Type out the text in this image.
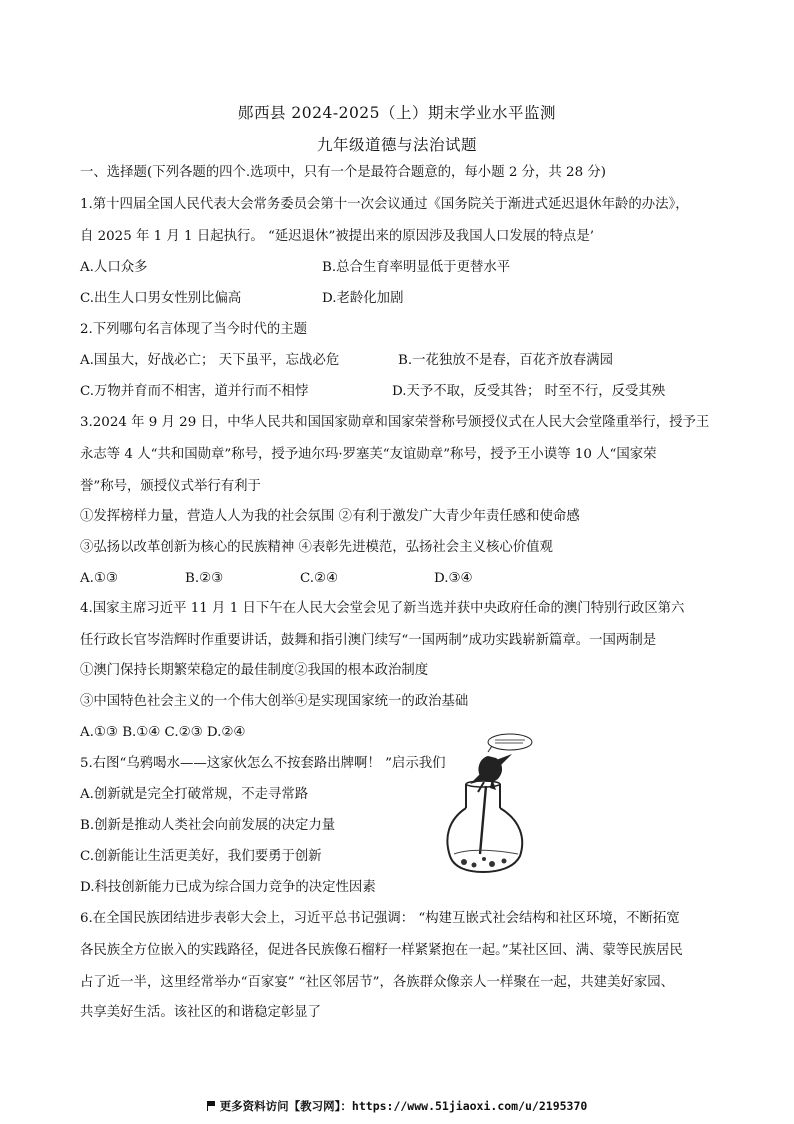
郧西县 2024-2025（上）期末学业水平监测
九年级道德与法治试题
一、选择题(下列各题的四个.选项中，只有一个是最符合题意的，每小题 2 分，共 28 分)
1.第十四届全国人民代表大会常务委员会第十一次会议通过《国务院关于渐进式延迟退休年龄的办法》，
自 2025 年 1 月 1 日起执行。 “延迟退休”被提出来的原因涉及我国人口发展的特点是’
A.人口众多	B.总合生育率明显低于更替水平
C.出生人口男女性别比偏高	D.老龄化加剧
2.下列哪句名言体现了当今时代的主题
A.国虽大，好战必亡； 天下虽平，忘战必危	B.一花独放不是春，百花齐放春满园
C.万物并育而不相害，道并行而不相悖	D.天予不取，反受其咎； 时至不行，反受其殃
3.2024 年 9 月 29 日，中华人民共和国国家勋章和国家荣誉称号颁授仪式在人民大会堂隆重举行，授予王
永志等 4 人“共和国勋章”称号，授予迪尔玛·罗塞芙“友谊勋章”称号，授予王小谟等 10 人“国家荣
誉”称号，颁授仪式举行有利于
①发挥榜样力量，营造人人为我的社会氛围 ②有利于激发广大青少年责任感和使命感
③弘扬以改革创新为核心的民族精神 ④表彰先进模范，弘扬社会主义核心价值观
A.①③	B.②③	C.②④	D.③④
4.国家主席习近平 11 月 1 日下午在人民大会堂会见了新当选并获中央政府任命的澳门特别行政区第六
任行政长官岑浩辉时作重要讲话，鼓舞和指引澳门续写“一国两制”成功实践崭新篇章。一国两制是
①澳门保持长期繁荣稳定的最佳制度②我国的根本政治制度
③中国特色社会主义的一个伟大创举④是实现国家统一的政治基础
A.①③ B.①④ C.②③ D.②④
5.右图“乌鸦喝水——这家伙怎么不按套路出牌啊！ ”启示我们
A.创新就是完全打破常规，不走寻常路
B.创新是推动人类社会向前发展的决定力量
C.创新能让生活更美好，我们要勇于创新
D.科技创新能力已成为综合国力竞争的决定性因素
6.在全国民族团结进步表彰大会上，习近平总书记强调： “构建互嵌式社会结构和社区环境，不断拓宽
各民族全方位嵌入的实践路径，促进各民族像石榴籽一样紧紧抱在一起。”某社区回、满、蒙等民族居民
占了近一半，这里经常举办“百家宴” “社区邻居节”，各族群众像亲人一样聚在一起，共建美好家园、
共享美好生活。该社区的和谐稳定彰显了
更多资料访问【教习网】：https://www.51jiaoxi.com/u/2195370
